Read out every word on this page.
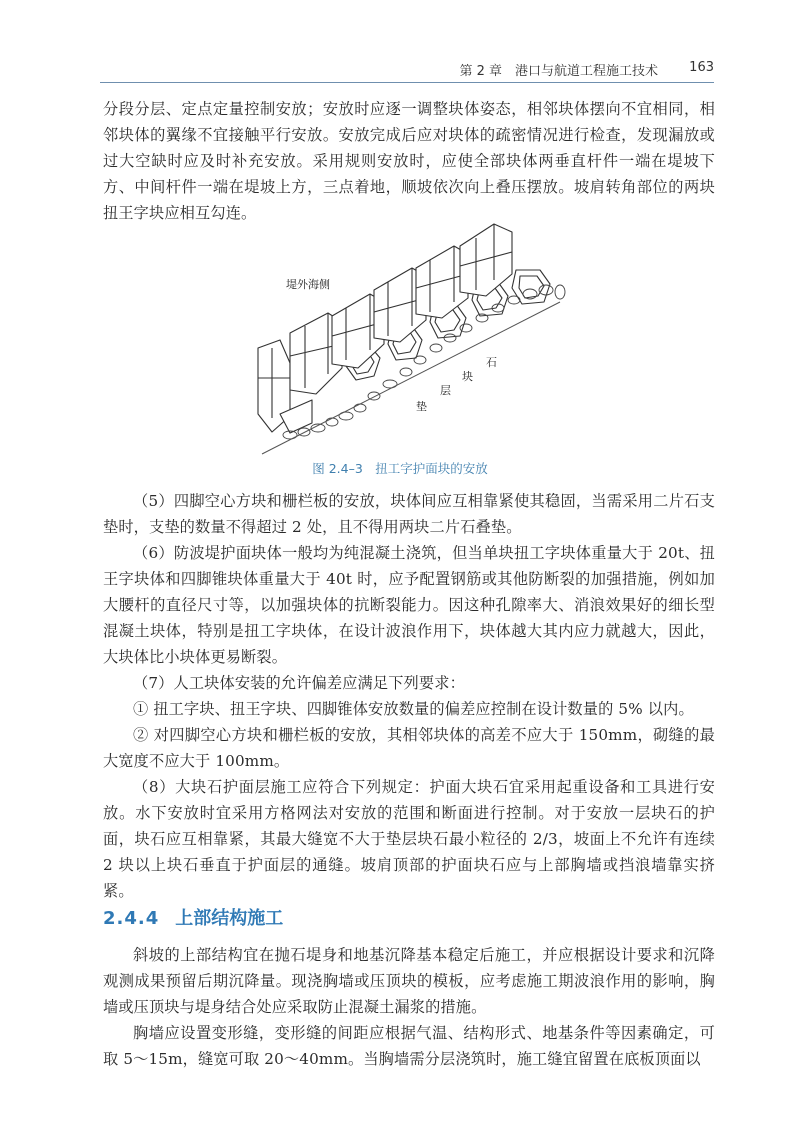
第 2 章　港口与航道工程施工技术 163
分段分层、定点定量控制安放；安放时应逐一调整块体姿态，相邻块体摆向不宜相同，相邻块体的翼缘不宜接触平行安放。安放完成后应对块体的疏密情况进行检查，发现漏放或过大空缺时应及时补充安放。采用规则安放时，应使全部块体两垂直杆件一端在堤坡下方、中间杆件一端在堤坡上方，三点着地，顺坡依次向上叠压摆放。坡肩转角部位的两块扭王字块应相互勾连。
堤外海侧
石
块
层
垫
图 2.4–3　扭工字护面块的安放
（5）四脚空心方块和栅栏板的安放，块体间应互相靠紧使其稳固，当需采用二片石支垫时，支垫的数量不得超过 2 处，且不得用两块二片石叠垫。
（6）防波堤护面块体一般均为纯混凝土浇筑，但当单块扭工字块体重量大于 20t、扭王字块体和四脚锥块体重量大于 40t 时，应予配置钢筋或其他防断裂的加强措施，例如加大腰杆的直径尺寸等，以加强块体的抗断裂能力。因这种孔隙率大、消浪效果好的细长型混凝土块体，特别是扭工字块体，在设计波浪作用下，块体越大其内应力就越大，因此，大块体比小块体更易断裂。
（7）人工块体安装的允许偏差应满足下列要求：
① 扭工字块、扭王字块、四脚锥体安放数量的偏差应控制在设计数量的 5% 以内。
② 对四脚空心方块和栅栏板的安放，其相邻块体的高差不应大于 150mm，砌缝的最大宽度不应大于 100mm。
（8）大块石护面层施工应符合下列规定：护面大块石宜采用起重设备和工具进行安放。水下安放时宜采用方格网法对安放的范围和断面进行控制。对于安放一层块石的护面，块石应互相靠紧，其最大缝宽不大于垫层块石最小粒径的 2/3，坡面上不允许有连续 2 块以上块石垂直于护面层的通缝。坡肩顶部的护面块石应与上部胸墙或挡浪墙靠实挤紧。
2.4.4 上部结构施工
斜坡的上部结构宜在抛石堤身和地基沉降基本稳定后施工，并应根据设计要求和沉降观测成果预留后期沉降量。现浇胸墙或压顶块的模板，应考虑施工期波浪作用的影响，胸墙或压顶块与堤身结合处应采取防止混凝土漏浆的措施。
胸墙应设置变形缝，变形缝的间距应根据气温、结构形式、地基条件等因素确定，可取 5～15m，缝宽可取 20～40mm。当胸墙需分层浇筑时，施工缝宜留置在底板顶面以
